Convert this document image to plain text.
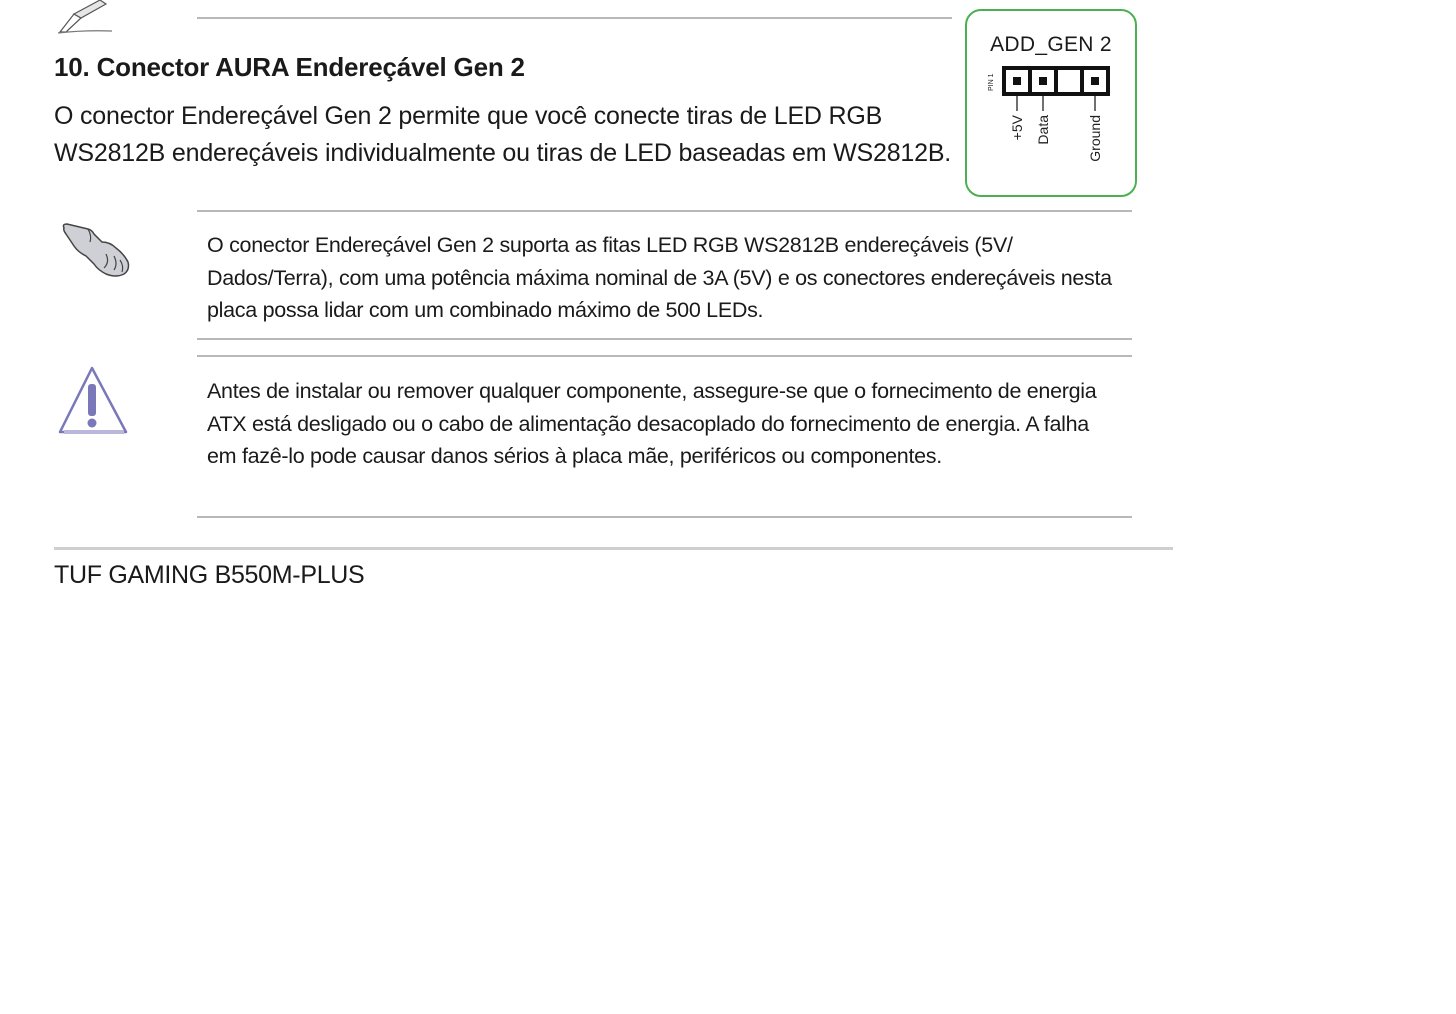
10. Conector AURA Endereçável Gen 2

O conector Endereçável Gen 2 permite que você conecte tiras de LED RGB WS2812B endereçáveis individualmente ou tiras de LED baseadas em WS2812B.

ADD_GEN 2
PIN 1
+5V Data	Ground

O conector Endereçável Gen 2 suporta as fitas LED RGB WS2812B endereçáveis (5V/ Dados/Terra), com uma potência máxima nominal de 3A (5V) e os conectores endereçáveis nesta placa possa lidar com um combinado máximo de 500 LEDs.

Antes de instalar ou remover qualquer componente, assegure-se que o fornecimento de energia ATX está desligado ou o cabo de alimentação desacoplado do fornecimento de energia. A falha em fazê-lo pode causar danos sérios à placa mãe, periféricos ou componentes.

TUF GAMING B550M-PLUS
